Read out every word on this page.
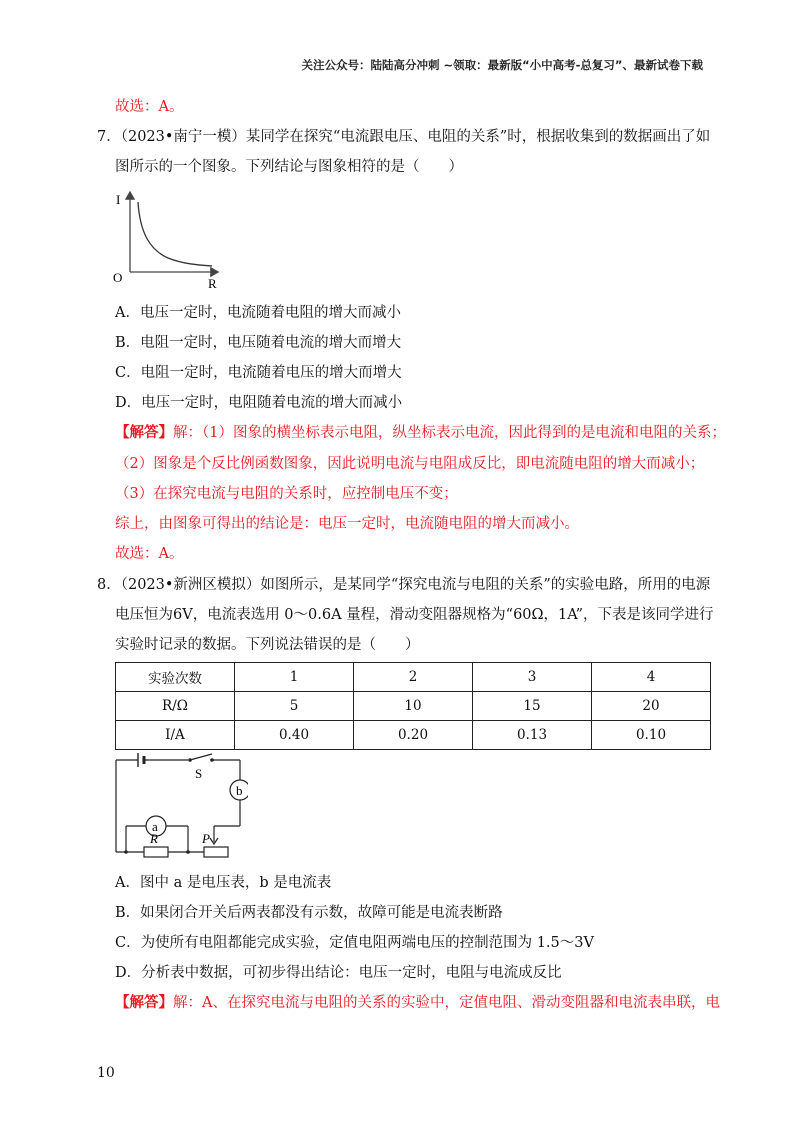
关注公众号：陆陆高分冲刺 ~领取：最新版“小中高考-总复习”、最新试卷下载
故选：A。
7．（2023•南宁一模）某同学在探究“电流跟电压、电阻的关系”时，根据收集到的数据画出了如
图所示的一个图象。下列结论与图象相符的是（　　）
I
R
O
A．电压一定时，电流随着电阻的增大而减小
B．电阻一定时，电压随着电流的增大而增大
C．电阻一定时，电流随着电压的增大而增大
D．电压一定时，电阻随着电流的增大而减小
【解答】解：（1）图象的横坐标表示电阻，纵坐标表示电流，因此得到的是电流和电阻的关系；
（2）图象是个反比例函数图象，因此说明电流与电阻成反比，即电流随电阻的增大而减小；
（3）在探究电流与电阻的关系时，应控制电压不变；
综上，由图象可得出的结论是：电压一定时，电流随电阻的增大而减小。
故选：A。
8．（2023•新洲区模拟）如图所示，是某同学“探究电流与电阻的关系”的实验电路，所用的电源
电压恒为6V，电流表选用 0～0.6A 量程，滑动变阻器规格为“60Ω，1A”，下表是该同学进行
实验时记录的数据。下列说法错误的是（　　）
实验次数	1	2	3	4
R/Ω	5	10	15	20
I/A	0.40	0.20	0.13	0.10
S
b
a
R	P
A．图中 a 是电压表，b 是电流表
B．如果闭合开关后两表都没有示数，故障可能是电流表断路
C．为使所有电阻都能完成实验，定值电阻两端电压的控制范围为 1.5～3V
D．分析表中数据，可初步得出结论：电压一定时，电阻与电流成反比
【解答】解：A、在探究电流与电阻的关系的实验中，定值电阻、滑动变阻器和电流表串联，电
10
